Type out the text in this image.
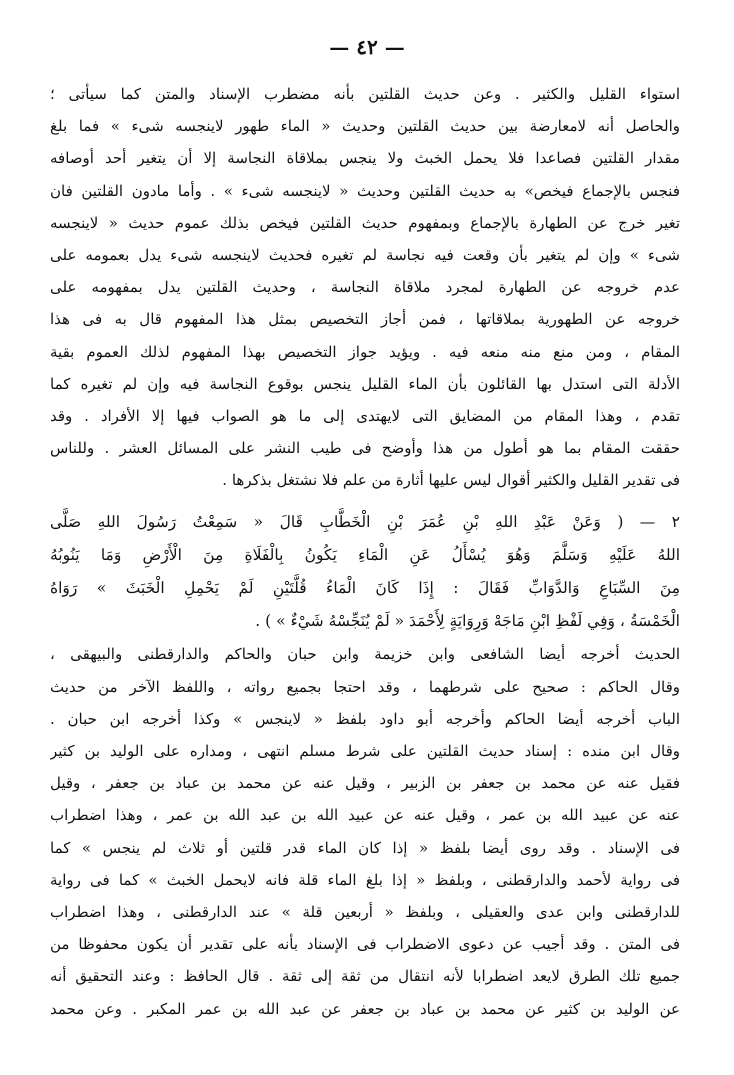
— ٤٢ —
استواء القليل والكثير . وعن حديث القلتين بأنه مضطرب الإسناد والمتن كما سيأتى ؛
والحاصل أنه لامعارضة بين حديث القلتين وحديث « الماء طهور لاينجسه شىء » فما بلغ
مقدار القلتين فصاعدا فلا يحمل الخبث ولا ينجس بملاقاة النجاسة إلا أن يتغير أحد أوصافه
فنجس بالإجماع فيخص» به حديث القلتين وحديث « لاينجسه شىء » . وأما مادون القلتين فان
تغير خرج عن الطهارة بالإجماع وبمفهوم حديث القلتين فيخص بذلك عموم حديث « لاينجسه
شىء » وإن لم يتغير بأن وقعت فيه نجاسة لم تغيره فحديث لاينجسه شىء يدل بعمومه على
عدم خروجه عن الطهارة لمجرد ملاقاة النجاسة ، وحديث القلتين يدل بمفهومه على
خروجه عن الطهورية بملاقاتها ، فمن أجاز التخصيص بمثل هذا المفهوم قال به فى هذا
المقام ، ومن منع منه منعه فيه . ويؤيد جواز التخصيص بهذا المفهوم لذلك العموم بقية
الأدلة التى استدل بها القائلون بأن الماء القليل ينجس بوقوع النجاسة فيه وإن لم تغيره كما
تقدم ، وهذا المقام من المضايق التى لايهتدى إلى ما هو الصواب فيها إلا الأفراد . وقد
حققت المقام بما هو أطول من هذا وأوضح فى طيب النشر على المسائل العشر . وللناس
فى تقدير القليل والكثير أقوال ليس عليها أثارة من علم فلا نشتغل بذكرها .
٢ — ( وَعَنْ عَبْدِ اللهِ بْنِ عُمَرَ بْنِ الْخَطَّابِ قَالَ « سَمِعْتُ رَسُولَ اللهِ صَلَّى
اللهُ عَلَيْهِ وَسَلَّمَ وَهُوَ يُسْأَلُ عَنِ الْمَاءِ يَكُونُ بِالْفَلَاةِ مِنَ الْأَرْضِ وَمَا يَنُوبُهُ
مِنَ السِّبَاعِ وَالدَّوَابِّ فَقَالَ : إِذَا كَانَ الْمَاءُ قُلَّتَيْنِ لَمْ يَحْمِلِ الْخَبَثَ » رَوَاهُ
الْخَمْسَةُ ، وَفِي لَفْظِ ابْنِ مَاجَهْ وَرِوَايَةٍ لِأَحْمَدَ « لَمْ يُنَجِّسْهُ شَيْءٌ » ) .
الحديث أخرجه أيضا الشافعى وابن خزيمة وابن حبان والحاكم والدارقطنى والبيهقى ،
وقال الحاكم : صحيح على شرطهما ، وقد احتجا بجميع رواته ، واللفظ الآخر من حديث
الباب أخرجه أيضا الحاكم وأخرجه أبو داود بلفظ « لاينجس » وكذا أخرجه ابن حبان .
وقال ابن منده : إسناد حديث القلتين على شرط مسلم انتهى ، ومداره على الوليد بن كثير
فقيل عنه عن محمد بن جعفر بن الزبير ، وقيل عنه عن محمد بن عباد بن جعفر ، وقيل
عنه عن عبيد الله بن عمر ، وقيل عنه عن عبيد الله بن عبد الله بن عمر ، وهذا اضطراب
فى الإسناد . وقد روى أيضا بلفظ « إذا كان الماء قدر قلتين أو ثلاث لم ينجس » كما
فى رواية لأحمد والدارقطنى ، وبلفظ « إذا بلغ الماء قلة فانه لايحمل الخبث » كما فى رواية
للدارقطنى وابن عدى والعقيلى ، وبلفظ « أربعين قلة » عند الدارقطنى ، وهذا اضطراب
فى المتن . وقد أجيب عن دعوى الاضطراب فى الإسناد بأنه على تقدير أن يكون محفوظا من
جميع تلك الطرق لايعد اضطرابا لأنه انتقال من ثقة إلى ثقة . قال الحافظ : وعند التحقيق أنه
عن الوليد بن كثير عن محمد بن عباد بن جعفر عن عبد الله بن عمر المكبر . وعن محمد
